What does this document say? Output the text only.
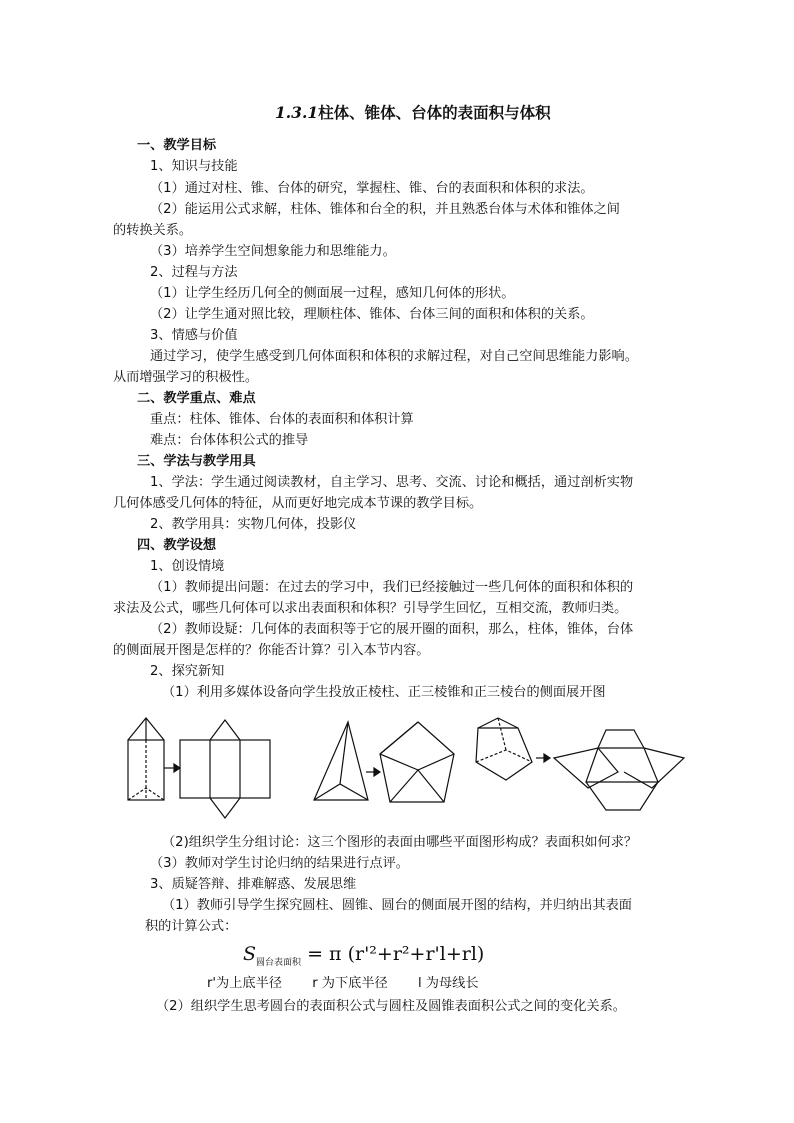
1.3.1柱体、锥体、台体的表面积与体积
一、教学目标
1、知识与技能
（1）通过对柱、锥、台体的研究，掌握柱、锥、台的表面积和体积的求法。
（2）能运用公式求解，柱体、锥体和台全的积，并且熟悉台体与术体和锥体之间
的转换关系。
（3）培养学生空间想象能力和思维能力。
2、过程与方法
（1）让学生经历几何全的侧面展一过程，感知几何体的形状。
（2）让学生通对照比较，理顺柱体、锥体、台体三间的面积和体积的关系。
3、情感与价值
通过学习，使学生感受到几何体面积和体积的求解过程，对自己空间思维能力影响。
从而增强学习的积极性。
二、教学重点、难点
重点：柱体、锥体、台体的表面积和体积计算
难点：台体体积公式的推导
三、学法与教学用具
1、学法：学生通过阅读教材，自主学习、思考、交流、讨论和概括，通过剖析实物
几何体感受几何体的特征，从而更好地完成本节课的教学目标。
2、教学用具：实物几何体，投影仪
四、教学设想
1、创设情境
（1）教师提出问题：在过去的学习中，我们已经接触过一些几何体的面积和体积的
求法及公式，哪些几何体可以求出表面积和体积？引导学生回忆，互相交流，教师归类。
（2）教师设疑：几何体的表面积等于它的展开圈的面积，那么，柱体，锥体，台体
的侧面展开图是怎样的？你能否计算？引入本节内容。
2、探究新知
（1）利用多媒体设备向学生投放正棱柱、正三棱锥和正三棱台的侧面展开图
三棱柱及其展开图	三棱锥及其展开图	三棱台及其展开图
（2)组织学生分组讨论：这三个图形的表面由哪些平面图形构成？表面积如何求？
（3）教师对学生讨论归纳的结果进行点评。
3、质疑答辩、排难解惑、发展思维
（1）教师引导学生探究圆柱、圆锥、圆台的侧面展开图的结构，并归纳出其表面
积的计算公式：
$S_{圆台表面积} = \pi$ (r'²+r²+r'l+rl)
r'为上底半径 r 为下底半径 l 为母线长
（2）组织学生思考圆台的表面积公式与圆柱及圆锥表面积公式之间的变化关系。
